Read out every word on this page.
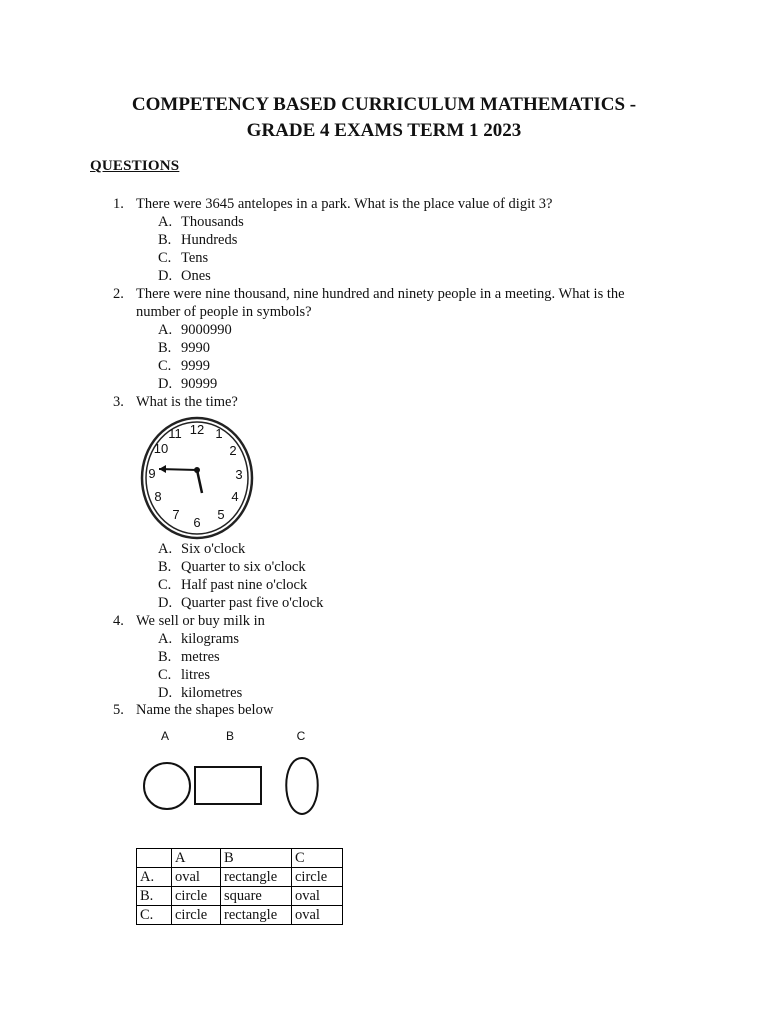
COMPETENCY BASED CURRICULUM MATHEMATICS -
GRADE 4 EXAMS TERM 1 2023
QUESTIONS
1. There were 3645 antelopes in a park. What is the place value of digit 3?
A. Thousands
B. Hundreds
C. Tens
D. Ones
2. There were nine thousand, nine hundred and ninety people in a meeting. What is the
number of people in symbols?
A. 9000990
B. 9990
C. 9999
D. 90999
3. What is the time?
12 1
2
3
4
5
6
7
8
9
10
11
A. Six o'clock
B. Quarter to six o'clock
C. Half past nine o'clock
D. Quarter past five o'clock
4. We sell or buy milk in
A. kilograms
B. metres
C. litres
D. kilometres
5. Name the shapes below
A	B	C
	A	B	C
A.	oval	rectangle	circle
B.	circle	square	oval
C.	circle	rectangle	oval
